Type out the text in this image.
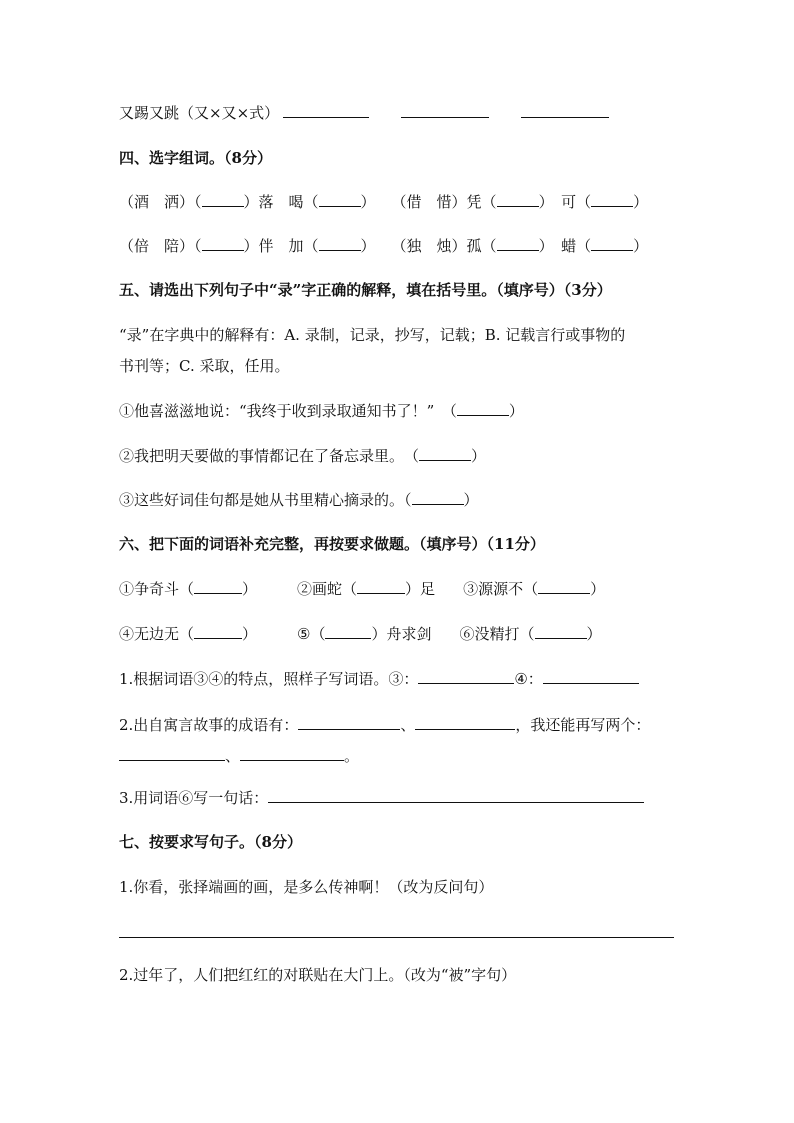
又踢又跳（又×又×式）
四、选字组词。（8分）
（酒　洒）（	）落　喝（	） （借　惜）凭（	）　可（	）
（倍　陪）（	）伴　加（	） （独　烛）孤（	）　蜡（	）
五、请选出下列句子中“录”字正确的解释，填在括号里。（填序号）（3分）
“录”在字典中的解释有：A. 录制，记录，抄写，记载；B. 记载言行或事物的
书刊等；C. 采取，任用。
①他喜滋滋地说：“我终于收到录取通知书了！”　（	）
②我把明天要做的事情都记在了备忘录里。　（	）
③这些好词佳句都是她从书里精心摘录的。（	）
六、把下面的词语补充完整，再按要求做题。（填序号）（11分）
①争奇斗（	）	②画蛇（	）足 ③源源不（	）
④无边无（	）	⑤（	）舟求剑 ⑥没精打（	）
1.根据词语③④的特点，照样子写词语。③：	④：
2.出自寓言故事的成语有：	、	，我还能再写两个：
、	。
3.用词语⑥写一句话：
七、按要求写句子。（8分）
1.你看，张择端画的画，是多么传神啊！（改为反问句）
2.过年了，人们把红红的对联贴在大门上。（改为“被”字句）
